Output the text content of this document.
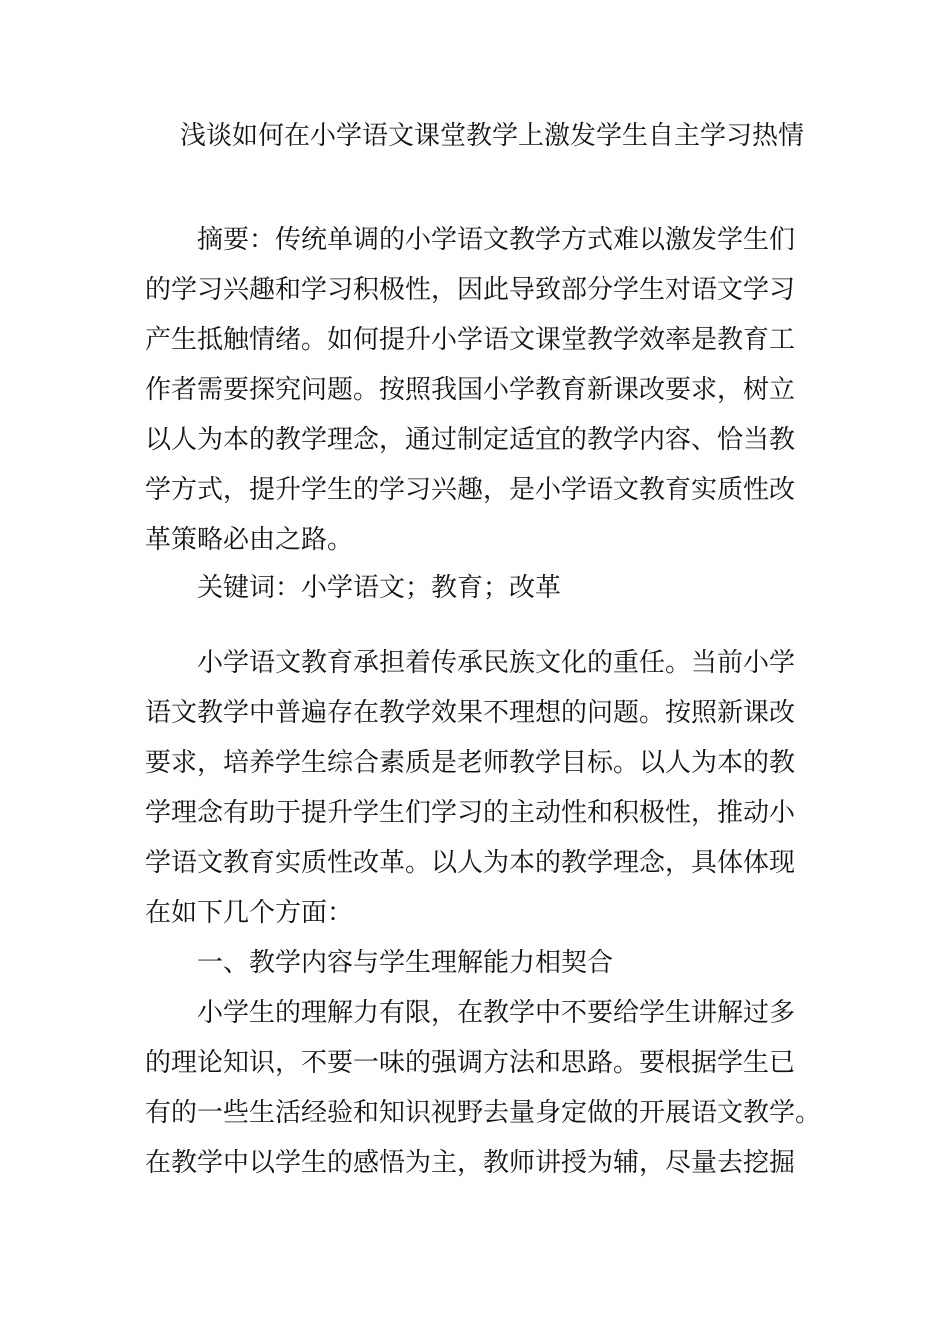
浅谈如何在小学语文课堂教学上激发学生自主学习热情
摘要：传统单调的小学语文教学方式难以激发学生们
的学习兴趣和学习积极性，因此导致部分学生对语文学习
产生抵触情绪。如何提升小学语文课堂教学效率是教育工
作者需要探究问题。按照我国小学教育新课改要求，树立
以人为本的教学理念，通过制定适宜的教学内容、恰当教
学方式，提升学生的学习兴趣，是小学语文教育实质性改
革策略必由之路。
关键词：小学语文；教育；改革
小学语文教育承担着传承民族文化的重任。当前小学
语文教学中普遍存在教学效果不理想的问题。按照新课改
要求，培养学生综合素质是老师教学目标。以人为本的教
学理念有助于提升学生们学习的主动性和积极性，推动小
学语文教育实质性改革。以人为本的教学理念，具体体现
在如下几个方面：
一、教学内容与学生理解能力相契合
小学生的理解力有限，在教学中不要给学生讲解过多
的理论知识，不要一味的强调方法和思路。要根据学生已
有的一些生活经验和知识视野去量身定做的开展语文教学。
在教学中以学生的感悟为主，教师讲授为辅，尽量去挖掘
